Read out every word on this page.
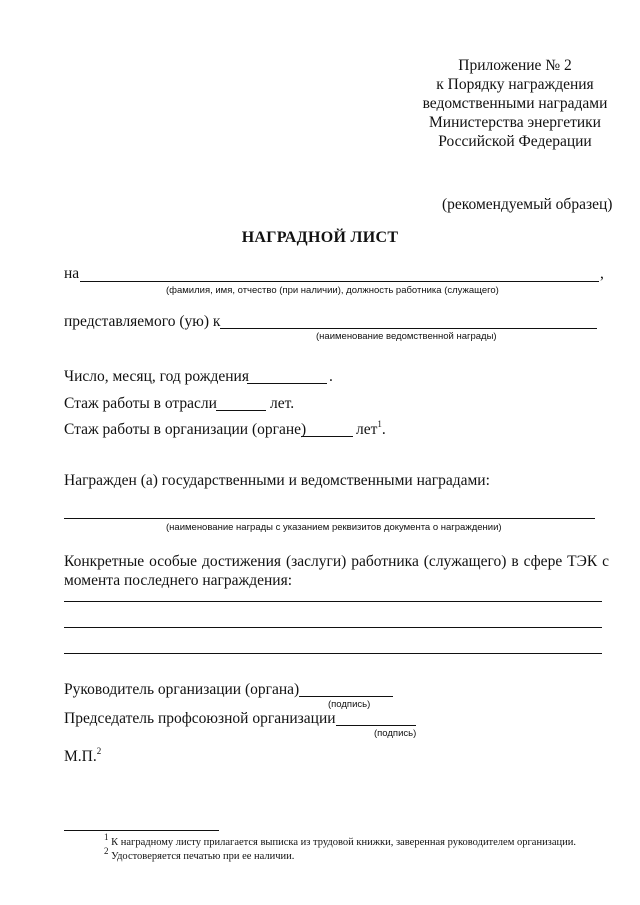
Приложение № 2
к Порядку награждения
ведомственными наградами
Министерства энергетики
Российской Федерации
(рекомендуемый образец)
НАГРАДНОЙ ЛИСТ
на	,
(фамилия, имя, отчество (при наличии), должность работника (служащего)
представляемого (ую) к
(наименование ведомственной награды)
Число, месяц, год рождения	.
Стаж работы в отрасли	лет.
Стаж работы в организации (органе)	лет$^1$.
Награжден (а) государственными и ведомственными наградами:
(наименование награды с указанием реквизитов документа о награждении)
Конкретные особые достижения (заслуги) работника (служащего) в сфере ТЭК с момента последнего награждения:
Руководитель организации (органа)
(подпись)
Председатель профсоюзной организации
(подпись)
М.П.$^2$
$^1$ К наградному листу прилагается выписка из трудовой книжки, заверенная руководителем организации.
$^2$ Удостоверяется печатью при ее наличии.
